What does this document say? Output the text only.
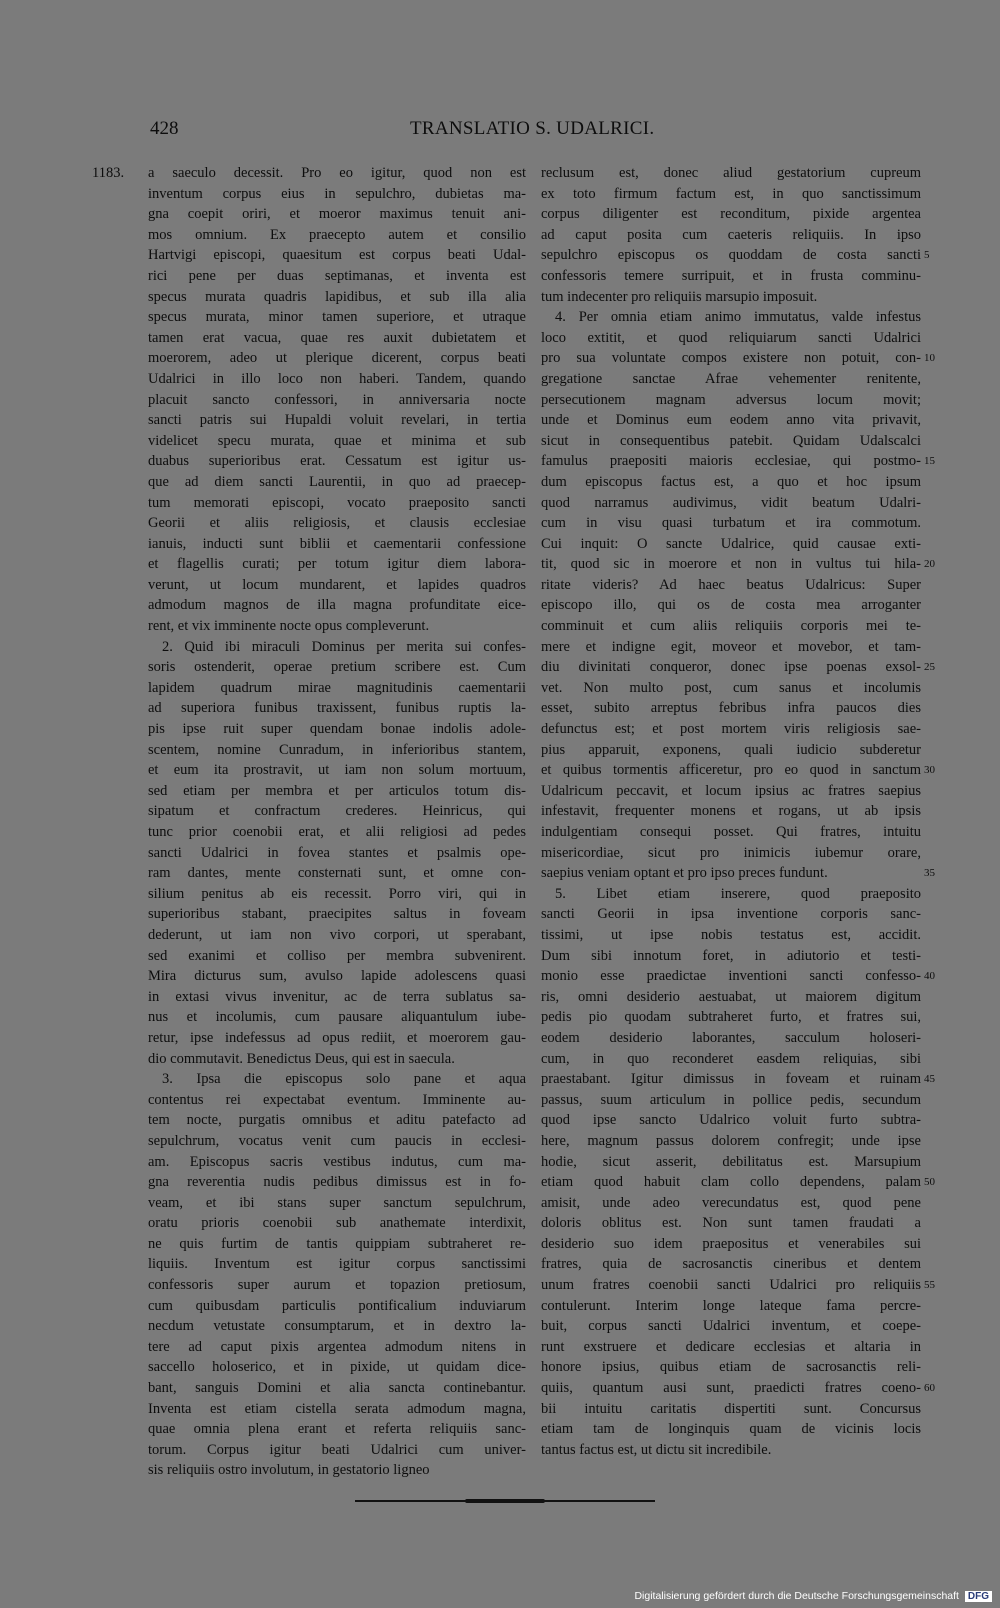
428	TRANSLATIO S. UDALRICI.
1183. a saeculo decessit. Pro eo igitur, quod non est
inventum corpus eius in sepulchro, dubietas ma-
gna coepit oriri, et moeror maximus tenuit ani-
mos omnium. Ex praecepto autem et consilio
Hartvigi episcopi, quaesitum est corpus beati Udal-
rici pene per duas septimanas, et inventa est
specus murata quadris lapidibus, et sub illa alia
specus murata, minor tamen superiore, et utraque
tamen erat vacua, quae res auxit dubietatem et
moerorem, adeo ut plerique dicerent, corpus beati
Udalrici in illo loco non haberi. Tandem, quando
placuit sancto confessori, in anniversaria nocte
sancti patris sui Hupaldi voluit revelari, in tertia
videlicet specu murata, quae et minima et sub
duabus superioribus erat. Cessatum est igitur us-
que ad diem sancti Laurentii, in quo ad praecep-
tum memorati episcopi, vocato praeposito sancti
Georii et aliis religiosis, et clausis ecclesiae
ianuis, inducti sunt biblii et caementarii confessione
et flagellis curati; per totum igitur diem labora-
verunt, ut locum mundarent, et lapides quadros
admodum magnos de illa magna profunditate eice-
rent, et vix imminente nocte opus compleverunt.
2. Quid ibi miraculi Dominus per merita sui confes-
soris ostenderit, operae pretium scribere est. Cum
lapidem quadrum mirae magnitudinis caementarii
ad superiora funibus traxissent, funibus ruptis la-
pis ipse ruit super quendam bonae indolis adole-
scentem, nomine Cunradum, in inferioribus stantem,
et eum ita prostravit, ut iam non solum mortuum,
sed etiam per membra et per articulos totum dis-
sipatum et confractum crederes. Heinricus, qui
tunc prior coenobii erat, et alii religiosi ad pedes
sancti Udalrici in fovea stantes et psalmis ope-
ram dantes, mente consternati sunt, et omne con-
silium penitus ab eis recessit. Porro viri, qui in
superioribus stabant, praecipites saltus in foveam
dederunt, ut iam non vivo corpori, ut sperabant,
sed exanimi et colliso per membra subvenirent.
Mira dicturus sum, avulso lapide adolescens quasi
in extasi vivus invenitur, ac de terra sublatus sa-
nus et incolumis, cum pausare aliquantulum iube-
retur, ipse indefessus ad opus rediit, et moerorem gau-
dio commutavit. Benedictus Deus, qui est in saecula.
3. Ipsa die episcopus solo pane et aqua
contentus rei expectabat eventum. Imminente au-
tem nocte, purgatis omnibus et aditu patefacto ad
sepulchrum, vocatus venit cum paucis in ecclesi-
am. Episcopus sacris vestibus indutus, cum ma-
gna reverentia nudis pedibus dimissus est in fo-
veam, et ibi stans super sanctum sepulchrum,
oratu prioris coenobii sub anathemate interdixit,
ne quis furtim de tantis quippiam subtraheret re-
liquiis. Inventum est igitur corpus sanctissimi
confessoris super aurum et topazion pretiosum,
cum quibusdam particulis pontificalium induviarum
necdum vetustate consumptarum, et in dextro la-
tere ad caput pixis argentea admodum nitens in
saccello holoserico, et in pixide, ut quidam dice-
bant, sanguis Domini et alia sancta continebantur.
Inventa est etiam cistella serata admodum magna,
quae omnia plena erant et referta reliquiis sanc-
torum. Corpus igitur beati Udalrici cum univer-
sis reliquiis ostro involutum, in gestatorio ligneo
reclusum est, donec aliud gestatorium cupreum
ex toto firmum factum est, in quo sanctissimum
corpus diligenter est reconditum, pixide argentea
ad caput posita cum caeteris reliquiis. In ipso
sepulchro episcopus os quoddam de costa sancti
confessoris temere surripuit, et in frusta comminu-
tum indecenter pro reliquiis marsupio imposuit.
4. Per omnia etiam animo immutatus, valde infestus
loco extitit, et quod reliquiarum sancti Udalrici
pro sua voluntate compos existere non potuit, con-
gregatione sanctae Afrae vehementer renitente,
persecutionem magnam adversus locum movit;
unde et Dominus eum eodem anno vita privavit,
sicut in consequentibus patebit. Quidam Udalscalci
famulus praepositi maioris ecclesiae, qui postmo-
dum episcopus factus est, a quo et hoc ipsum
quod narramus audivimus, vidit beatum Udalri-
cum in visu quasi turbatum et ira commotum.
Cui inquit: O sancte Udalrice, quid causae exti-
tit, quod sic in moerore et non in vultus tui hila-
ritate videris? Ad haec beatus Udalricus: Super
episcopo illo, qui os de costa mea arroganter
comminuit et cum aliis reliquiis corporis mei te-
mere et indigne egit, moveor et movebor, et tam-
diu divinitati conqueror, donec ipse poenas exsol-
vet. Non multo post, cum sanus et incolumis
esset, subito arreptus febribus infra paucos dies
defunctus est; et post mortem viris religiosis sae-
pius apparuit, exponens, quali iudicio subderetur
et quibus tormentis afficeretur, pro eo quod in sanctum
Udalricum peccavit, et locum ipsius ac fratres saepius
infestavit, frequenter monens et rogans, ut ab ipsis
indulgentiam consequi posset. Qui fratres, intuitu
misericordiae, sicut pro inimicis iubemur orare,
saepius veniam optant et pro ipso preces fundunt.
5. Libet etiam inserere, quod praeposito
sancti Georii in ipsa inventione corporis sanc-
tissimi, ut ipse nobis testatus est, accidit.
Dum sibi innotum foret, in adiutorio et testi-
monio esse praedictae inventioni sancti confesso-
ris, omni desiderio aestuabat, ut maiorem digitum
pedis pio quodam subtraheret furto, et fratres sui,
eodem desiderio laborantes, sacculum holoseri-
cum, in quo reconderet easdem reliquias, sibi
praestabant. Igitur dimissus in foveam et ruinam
passus, suum articulum in pollice pedis, secundum
quod ipse sancto Udalrico voluit furto subtra-
here, magnum passus dolorem confregit; unde ipse
hodie, sicut asserit, debilitatus est. Marsupium
etiam quod habuit clam collo dependens, palam
amisit, unde adeo verecundatus est, quod pene
doloris oblitus est. Non sunt tamen fraudati a
desiderio suo idem praepositus et venerabiles sui
fratres, quia de sacrosanctis cineribus et dentem
unum fratres coenobii sancti Udalrici pro reliquiis
contulerunt. Interim longe lateque fama percre-
buit, corpus sancti Udalrici inventum, et coepe-
runt exstruere et dedicare ecclesias et altaria in
honore ipsius, quibus etiam de sacrosanctis reli-
quiis, quantum ausi sunt, praedicti fratres coeno-
bii intuitu caritatis dispertiti sunt. Concursus
etiam tam de longinquis quam de vicinis locis
tantus factus est, ut dictu sit incredibile.
5
10
15
20
25
30
35
40
45
50
55
60
Digitalisierung gefördert durch die Deutsche Forschungsgemeinschaft DFG
